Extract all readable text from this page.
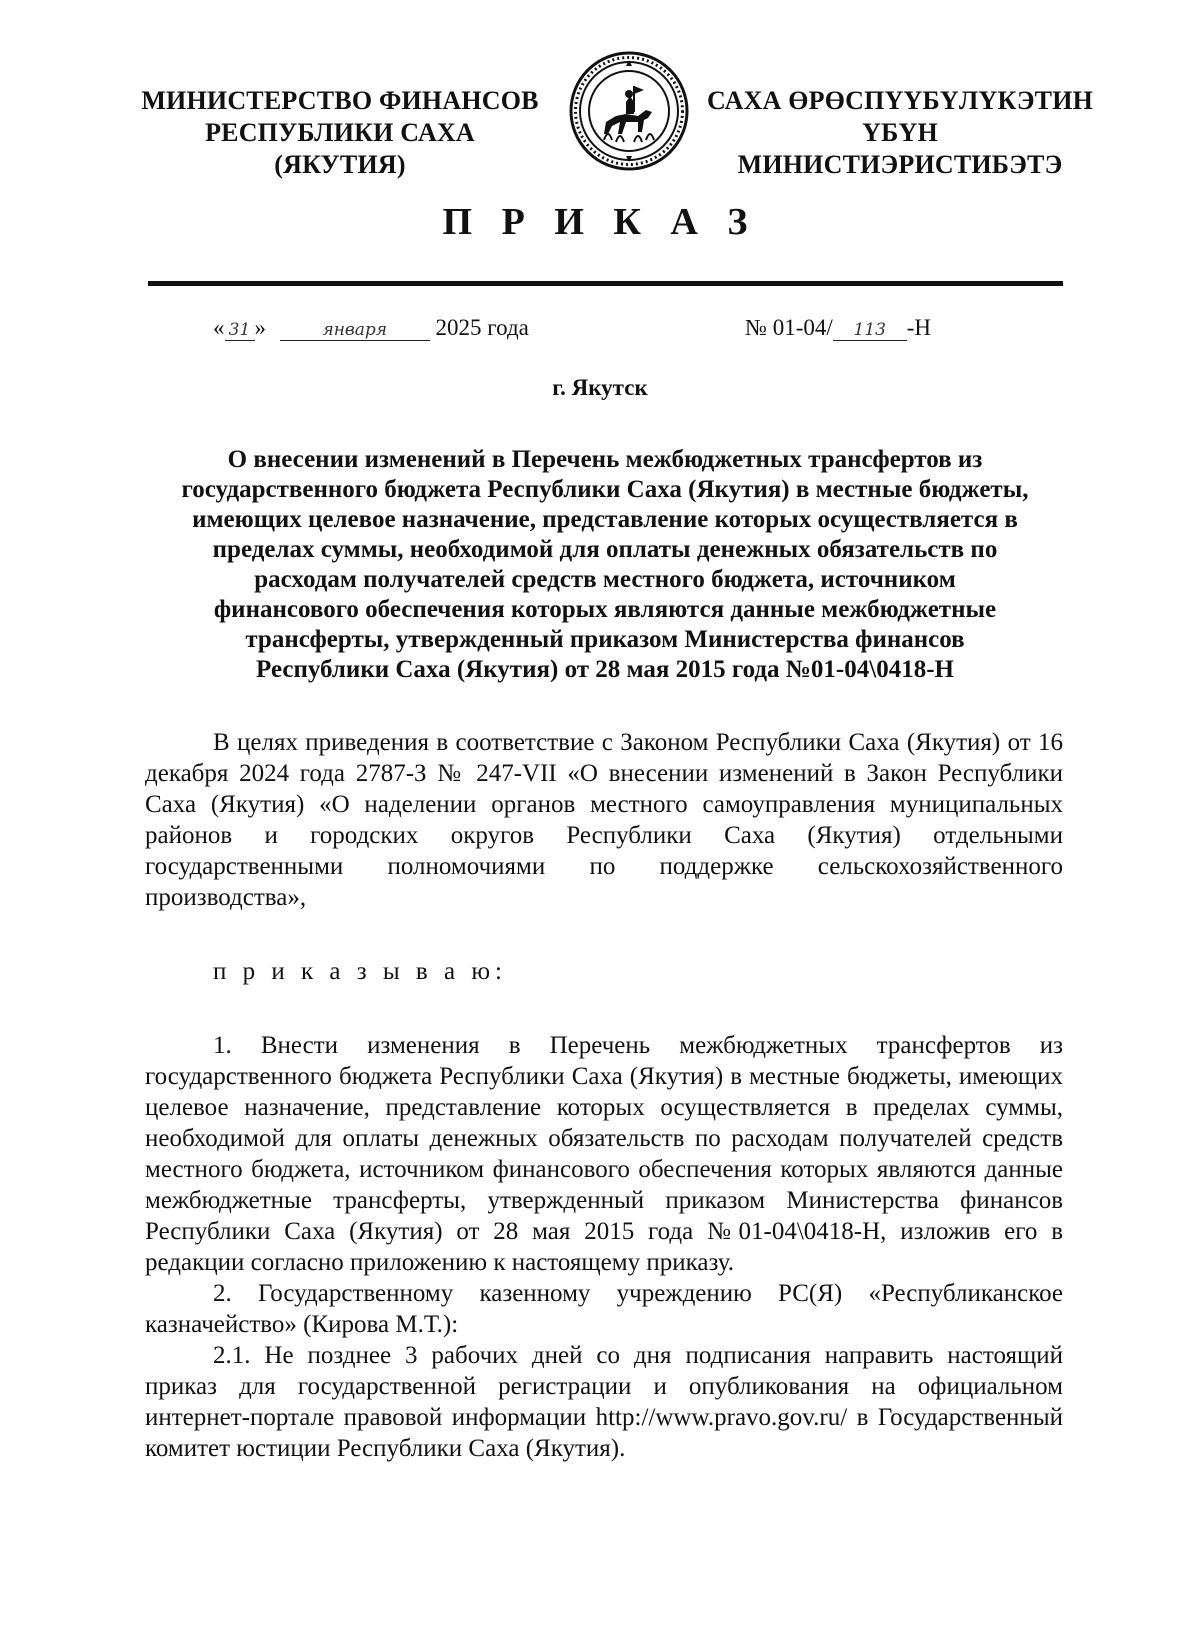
МИНИСТЕРСТВО ФИНАНСОВ
РЕСПУБЛИКИ САХА (ЯКУТИЯ)
САХА ӨРӨСПҮҮБҮЛҮКЭТИН
ҮБҮН МИНИСТИЭРИСТИБЭТЭ
П Р И К А З
« 31 »	января 2025 года	№ 01-04/ 113 -Н
г. Якутск
О внесении изменений в Перечень межбюджетных трансфертов из
государственного бюджета Республики Саха (Якутия) в местные бюджеты,
имеющих целевое назначение, представление которых осуществляется в
пределах суммы, необходимой для оплаты денежных обязательств по
расходам получателей средств местного бюджета, источником
финансового обеспечения которых являются данные межбюджетные
трансферты, утвержденный приказом Министерства финансов
Республики Саха (Якутия) от 28 мая 2015 года №01-04\0418-Н

В целях приведения в соответствие с Законом Республики Саха (Якутия) от 16 декабря 2024 года 2787-З № 247-VII «О внесении изменений в Закон Республики Саха (Якутия) «О наделении органов местного самоуправления муниципальных районов и городских округов Республики Саха (Якутия) отдельными государственными полномочиями по поддержке сельскохозяйственного производства»,

п р и к а з ы в а ю:

1. Внести изменения в Перечень межбюджетных трансфертов из государственного бюджета Республики Саха (Якутия) в местные бюджеты, имеющих целевое назначение, представление которых осуществляется в пределах суммы, необходимой для оплаты денежных обязательств по расходам получателей средств местного бюджета, источником финансового обеспечения которых являются данные межбюджетные трансферты, утвержденный приказом Министерства финансов Республики Саха (Якутия) от 28 мая 2015 года №01-04\0418-Н, изложив его в редакции согласно приложению к настоящему приказу.

2. Государственному казенному учреждению РС(Я) «Республиканское казначейство» (Кирова М.Т.):

2.1. Не позднее 3 рабочих дней со дня подписания направить настоящий приказ для государственной регистрации и опубликования на официальном интернет-портале правовой информации http://www.pravo.gov.ru/ в Государственный комитет юстиции Республики Саха (Якутия).
